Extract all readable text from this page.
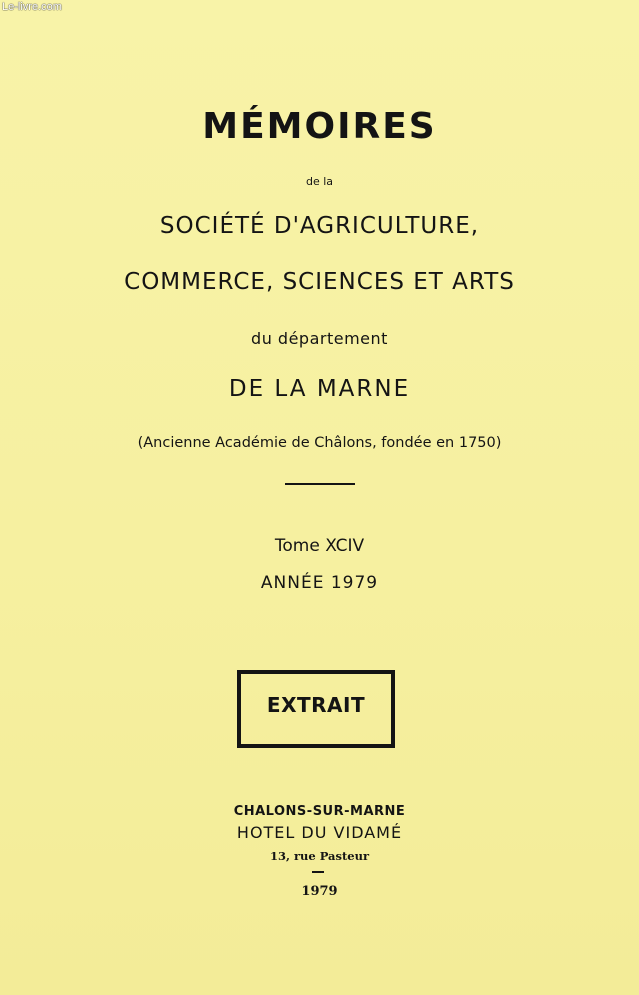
Le-livre.com
MÉMOIRES
de la
SOCIÉTÉ D'AGRICULTURE,
COMMERCE, SCIENCES ET ARTS
du département
DE LA MARNE
(Ancienne Académie de Châlons, fondée en 1750)
Tome XCIV
ANNÉE 1979
EXTRAIT
CHALONS-SUR-MARNE
HOTEL DU VIDAMÉ
13, rue Pasteur
1979
